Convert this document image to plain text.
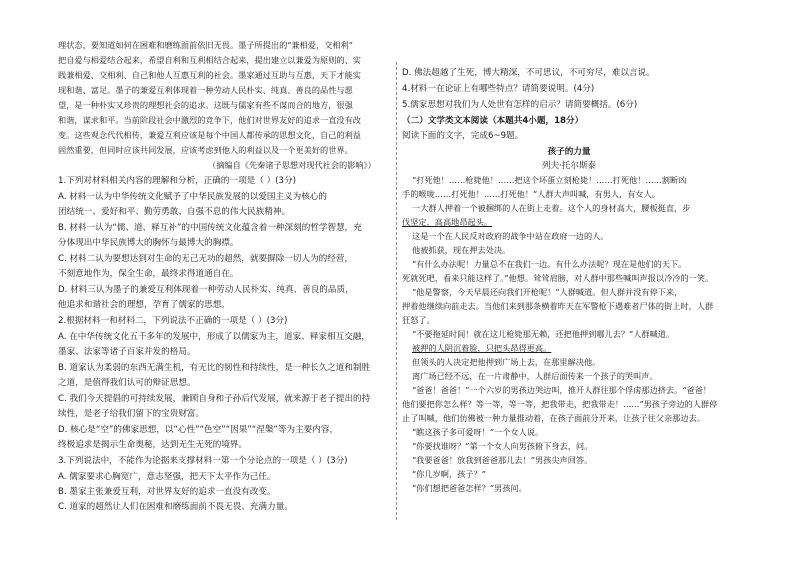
理状态，要知道如何在困难和磨练面前依旧无畏。墨子所提出的“兼相爱，交相利”
把自爱与相爱结合起来，希望自利和互利相结合起来，提出建立以兼爱为原则的、实
践兼相爱、交相利、自己和他人互惠互利的社会。墨家通过互助与互惠，天下才能实
现和谐、富足。墨子的兼爱互利体现着一种劳动人民朴实、纯真、善良的品性与愿
望，是一种朴实又珍贵的理想社会的追求。这既与儒家有些不谋而合的地方，很强
和谐，谋求和平。当前阶段社会中激烈的竞争下，他们对世界友好的追求一直没有改
变。这些观念代代相传，兼爱互利应该是每个中国人都传承的思想文化，自己的利益
固然重要，但同时应该共同发展，应该考虑到他人的利益以及一个更美好的世界。
（摘编自《先秦诸子思想对现代社会的影响》）
1.下列对材料相关内容的理解和分析，正确的一项是（ ）(3分)
A. 材料一认为中华传统文化赋予了中华民族发展的以爱国主义为核心的
团结统一、爱好和平、勤劳勇敢、自强不息的伟大民族精神。
B. 材料一认为“儒、道、释互补”的中国传统文化蕴含着一种深刻的哲学智慧，充
分体现出中华民族博大的胸怀与最博大的胸襟。
C. 材料二认为要想达到对生命的无己无功的超然，就要摒除一切人为的经营，
不刻意地作为，保全生命，最终求得道通自在。
D. 材料三认为墨子的兼爱互利体现着一种劳动人民朴实、纯真、善良的品质，
他追求和谐社会的理想，孕育了儒家的思想。
2.根据材料一和材料二，下列说法不正确的一项是（ ）(3分)
A. 在中华传统文化五千多年的发展中，形成了以儒家为主，道家、释家相互交融，
墨家、法家等诸子百家并发的格局。
B. 道家认为柔弱的东西无满生机，有无比的韧性和持续性，是一种长久之道和制胜
之道，是值得我们认可的辩证思想。
C. 我们今天提倡的可持续发展，兼顾自身和子孙后代发展，就来源于老子提出的持
续性，是老子给我们留下的宝贵财富。
D. 核心是“空”的佛家思想，以“心性”“色空”“因果”“涅槃”等为主要内容，
终极追求是揭示生命奥秘，达到无生无死的境界。
3.下列说法中，不能作为论据来支撑材料一第一个分论点的一项是（ ）(3分)
A. 儒家要求心胸宽广，意志坚强，把天下太平作为己任。
B. 墨家主张兼爱互利，对世界友好的追求一直没有改变。
C. 道家的超然让人们在困难和磨练面前不畏无畏、充满力量。
D. 佛法超越了生死，博大精深，不可思议，不可穷尽，难以言说。
4.材料一在论证上有哪些特点？请简要说明。(4分)
5.儒家思想对我们为人处世有怎样的启示？请简要概括。(6分)
（二）文学类文本阅读（本题共4小题，18分）
阅读下面的文字，完成6~9题。
孩子的力量
列夫·托尔斯泰
“打死他！……枪毙他！……把这个坏蛋立刻枪毙！……打死他！……割断凶
手的喉咙……打死他！……打死他！”人群大声叫喊，有男人，有女人。
一大群人押着一个被捆绑的人在街上走着。这个人的身材高大，腰板挺直，步
伐坚定，高高地昂起头。
这是一个在人民反对政府的战争中站在政府一边的人。
他被抓获，现在押去处决。
“有什么办法呢！力量总不在我们一边。有什么办法呢？现在是他们的天下。
死就死吧，看来只能这样了。”他想。耸耸肩膀，对人群中那些喊叫声报以冷冷的一笑。
“他是警察，今天早晨还向我们开枪呢！”人群喊道。但人群并没有停下来，
押着他继续向前走去。当他们来到那条横着昨天在军警枪下遇难者尸体的街上时，人群
狂怒了。
“不要拖延时间！就在这儿枪毙那无赖，还把他押到哪儿去？”人群喊道。
被押的人阴沉着脸，只把头昂得更高。
但领头的人决定把他押到广场上去，在那里解决他。
离广场已经不远，在一片肃静中，人群后面传来一个孩子的哭叫声。
“爸爸！爸爸！”一个六岁的男孩边哭边叫，推开人群往那个俘虏那边挤去。“爸爸！
他们要把你怎么样？等一等，等一等，把我带走，把我带走！……”男孩子旁边的人群停
止了叫喊，他们仿佛被一种力量推动着，在孩子面前分开来，让孩子往父亲那边去。
“瞧这孩子多可爱呀！”一个女人说。
“你要找谁呀？”第一个女人向男孩俯下身去，问。
“我要爸爸！放我到爸爸那儿去！”男孩尖声回答。
“你几岁啊，孩子？”
“你们想把爸爸怎样？”男孩问。
